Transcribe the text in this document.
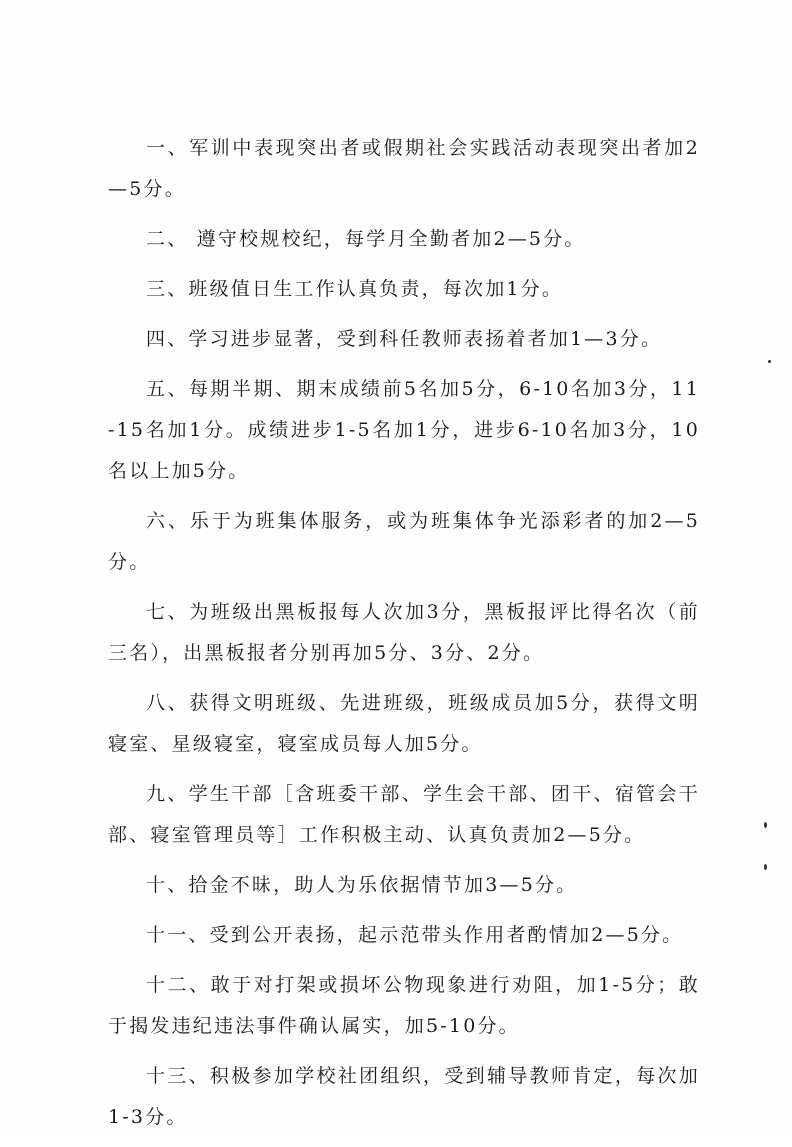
一、军训中表现突出者或假期社会实践活动表现突出者加2—5分。

二、 遵守校规校纪，每学月全勤者加2—5分。

三、班级值日生工作认真负责，每次加1分。

四、学习进步显著，受到科任教师表扬着者加1—3分。

五、每期半期、期末成绩前5名加5分，6-10名加3分，11-15名加1分。成绩进步1-5名加1分，进步6-10名加3分，10名以上加5分。

六、乐于为班集体服务，或为班集体争光添彩者的加2—5分。

七、为班级出黑板报每人次加3分，黑板报评比得名次（前三名），出黑板报者分别再加5分、3分、2分。

八、获得文明班级、先进班级，班级成员加5分，获得文明寝室、星级寝室，寝室成员每人加5分。

九、学生干部［含班委干部、学生会干部、团干、宿管会干部、寝室管理员等］工作积极主动、认真负责加2—5分。

十、拾金不昧，助人为乐依据情节加3—5分。

十一、受到公开表扬，起示范带头作用者酌情加2—5分。

十二、敢于对打架或损坏公物现象进行劝阻，加1-5分；敢于揭发违纪违法事件确认属实，加5-10分。

十三、积极参加学校社团组织，受到辅导教师肯定，每次加1-3分。
